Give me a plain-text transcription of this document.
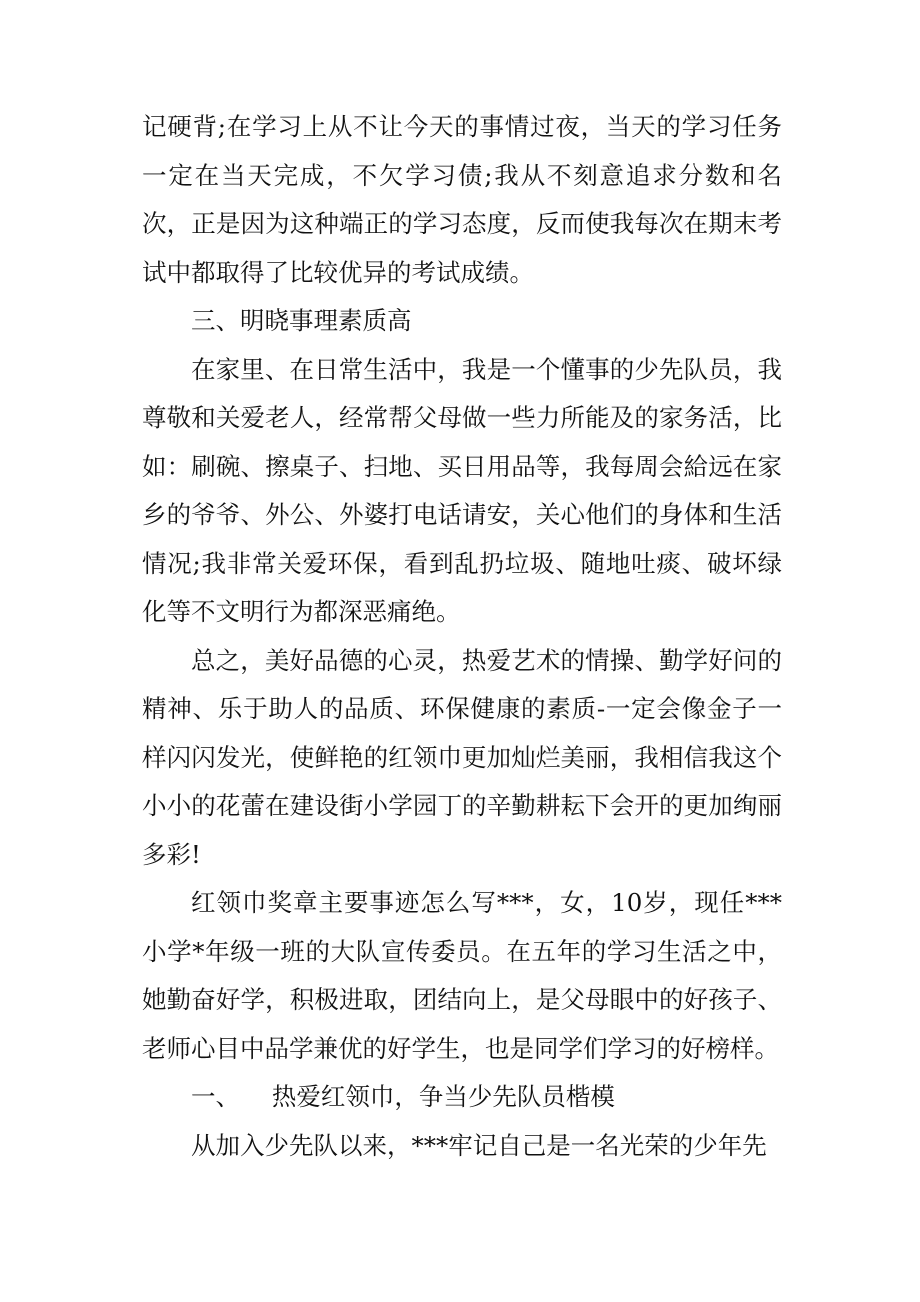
记硬背;在学习上从不让今天的事情过夜，当天的学习任务一定在当天完成，不欠学习债;我从不刻意追求分数和名次，正是因为这种端正的学习态度，反而使我每次在期末考试中都取得了比较优异的考试成绩。

三、明晓事理素质高

在家里、在日常生活中，我是一个懂事的少先队员，我尊敬和关爱老人，经常帮父母做一些力所能及的家务活，比如：刷碗、擦桌子、扫地、买日用品等，我每周会給远在家乡的爷爷、外公、外婆打电话请安，关心他们的身体和生活情况;我非常关爱环保，看到乱扔垃圾、随地吐痰、破坏绿化等不文明行为都深恶痛绝。

总之，美好品德的心灵，热爱艺术的情操、勤学好问的精神、乐于助人的品质、环保健康的素质-一定会像金子一样闪闪发光，使鲜艳的红领巾更加灿烂美丽，我相信我这个小小的花蕾在建设街小学园丁的辛勤耕耘下会开的更加绚丽多彩!

红领巾奖章主要事迹怎么写***，女，10岁，现任***小学*年级一班的大队宣传委员。在五年的学习生活之中，她勤奋好学，积极进取，团结向上，是父母眼中的好孩子、老师心目中品学兼优的好学生，也是同学们学习的好榜样。

一、 热爱红领巾，争当少先队员楷模

从加入少先队以来，***牢记自己是一名光荣的少年先
